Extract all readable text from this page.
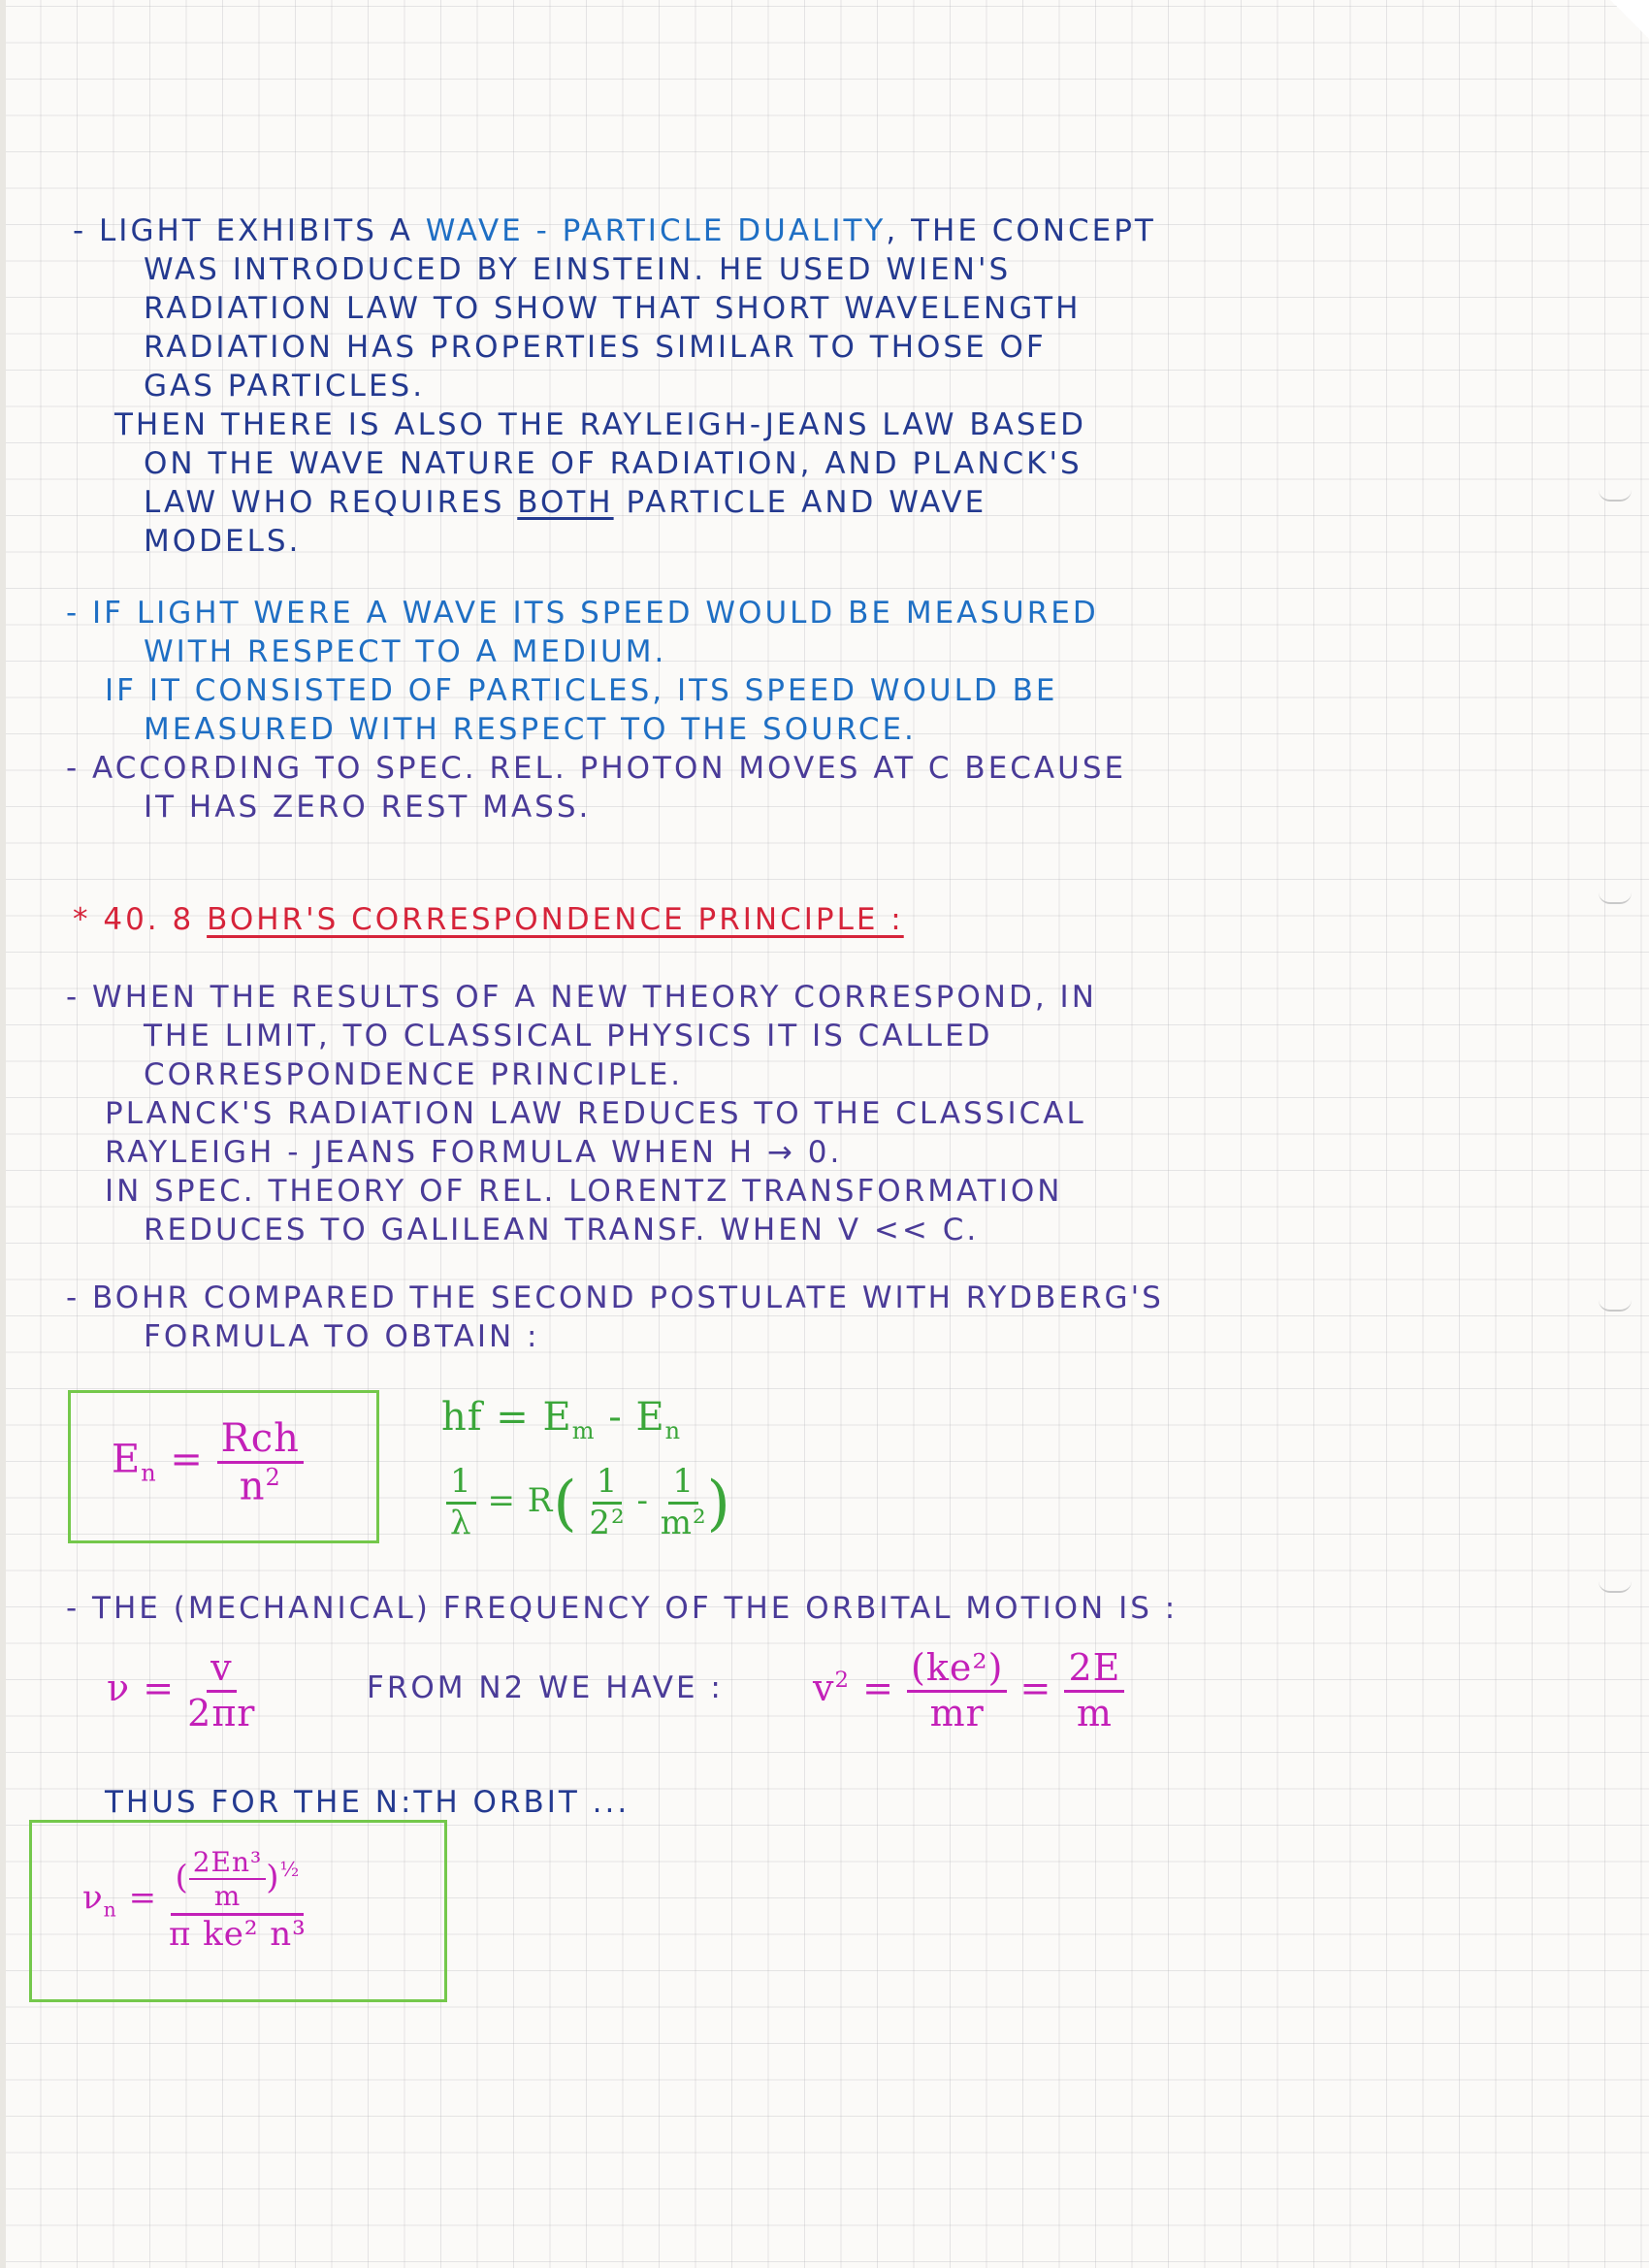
- LIGHT EXHIBITS A WAVE - PARTICLE DUALITY, THE CONCEPT
WAS INTRODUCED BY EINSTEIN. HE USED WIEN'S
RADIATION LAW TO SHOW THAT SHORT WAVELENGTH
RADIATION HAS PROPERTIES SIMILAR TO THOSE OF
GAS PARTICLES.
THEN THERE IS ALSO THE RAYLEIGH-JEANS LAW BASED
ON THE WAVE NATURE OF RADIATION, AND PLANCK'S
LAW WHO REQUIRES BOTH PARTICLE AND WAVE
MODELS.
- IF LIGHT WERE A WAVE ITS SPEED WOULD BE MEASURED
WITH RESPECT TO A MEDIUM.
IF IT CONSISTED OF PARTICLES, ITS SPEED WOULD BE
MEASURED WITH RESPECT TO THE SOURCE.
- ACCORDING TO SPEC. REL. PHOTON MOVES AT C BECAUSE
IT HAS ZERO REST MASS.
* 40. 8 BOHR'S CORRESPONDENCE PRINCIPLE :
- WHEN THE RESULTS OF A NEW THEORY CORRESPOND, IN
THE LIMIT, TO CLASSICAL PHYSICS IT IS CALLED
CORRESPONDENCE PRINCIPLE.
PLANCK'S RADIATION LAW REDUCES TO THE CLASSICAL
RAYLEIGH - JEANS FORMULA WHEN H → 0.
IN SPEC. THEORY OF REL. LORENTZ TRANSFORMATION
REDUCES TO GALILEAN TRANSF. WHEN V << C.
- BOHR COMPARED THE SECOND POSTULATE WITH RYDBERG'S
FORMULA TO OBTAIN :
$E_n = \frac{\text{Rch}}{n^2}$
hf = $E_m - E_n$
$\frac{1}{\lambda} = R( \frac{1}{\text{2²}} - \frac{1}{\text{m²}}$ )
- THE (MECHANICAL) FREQUENCY OF THE ORBITAL MOTION IS :
$\nu = \frac{v}{2\pi r}$	FROM N2 WE HAVE : $v^2 = \frac{\text{(ke²)}}{mr} = \frac{2E}{m}$
THUS FOR THE N:TH ORBIT ...
$\nu_n = \frac{( \frac{\text{2En³}}{m} )^{\frac{1}{2}}}{\text{π ke² n³}}$
